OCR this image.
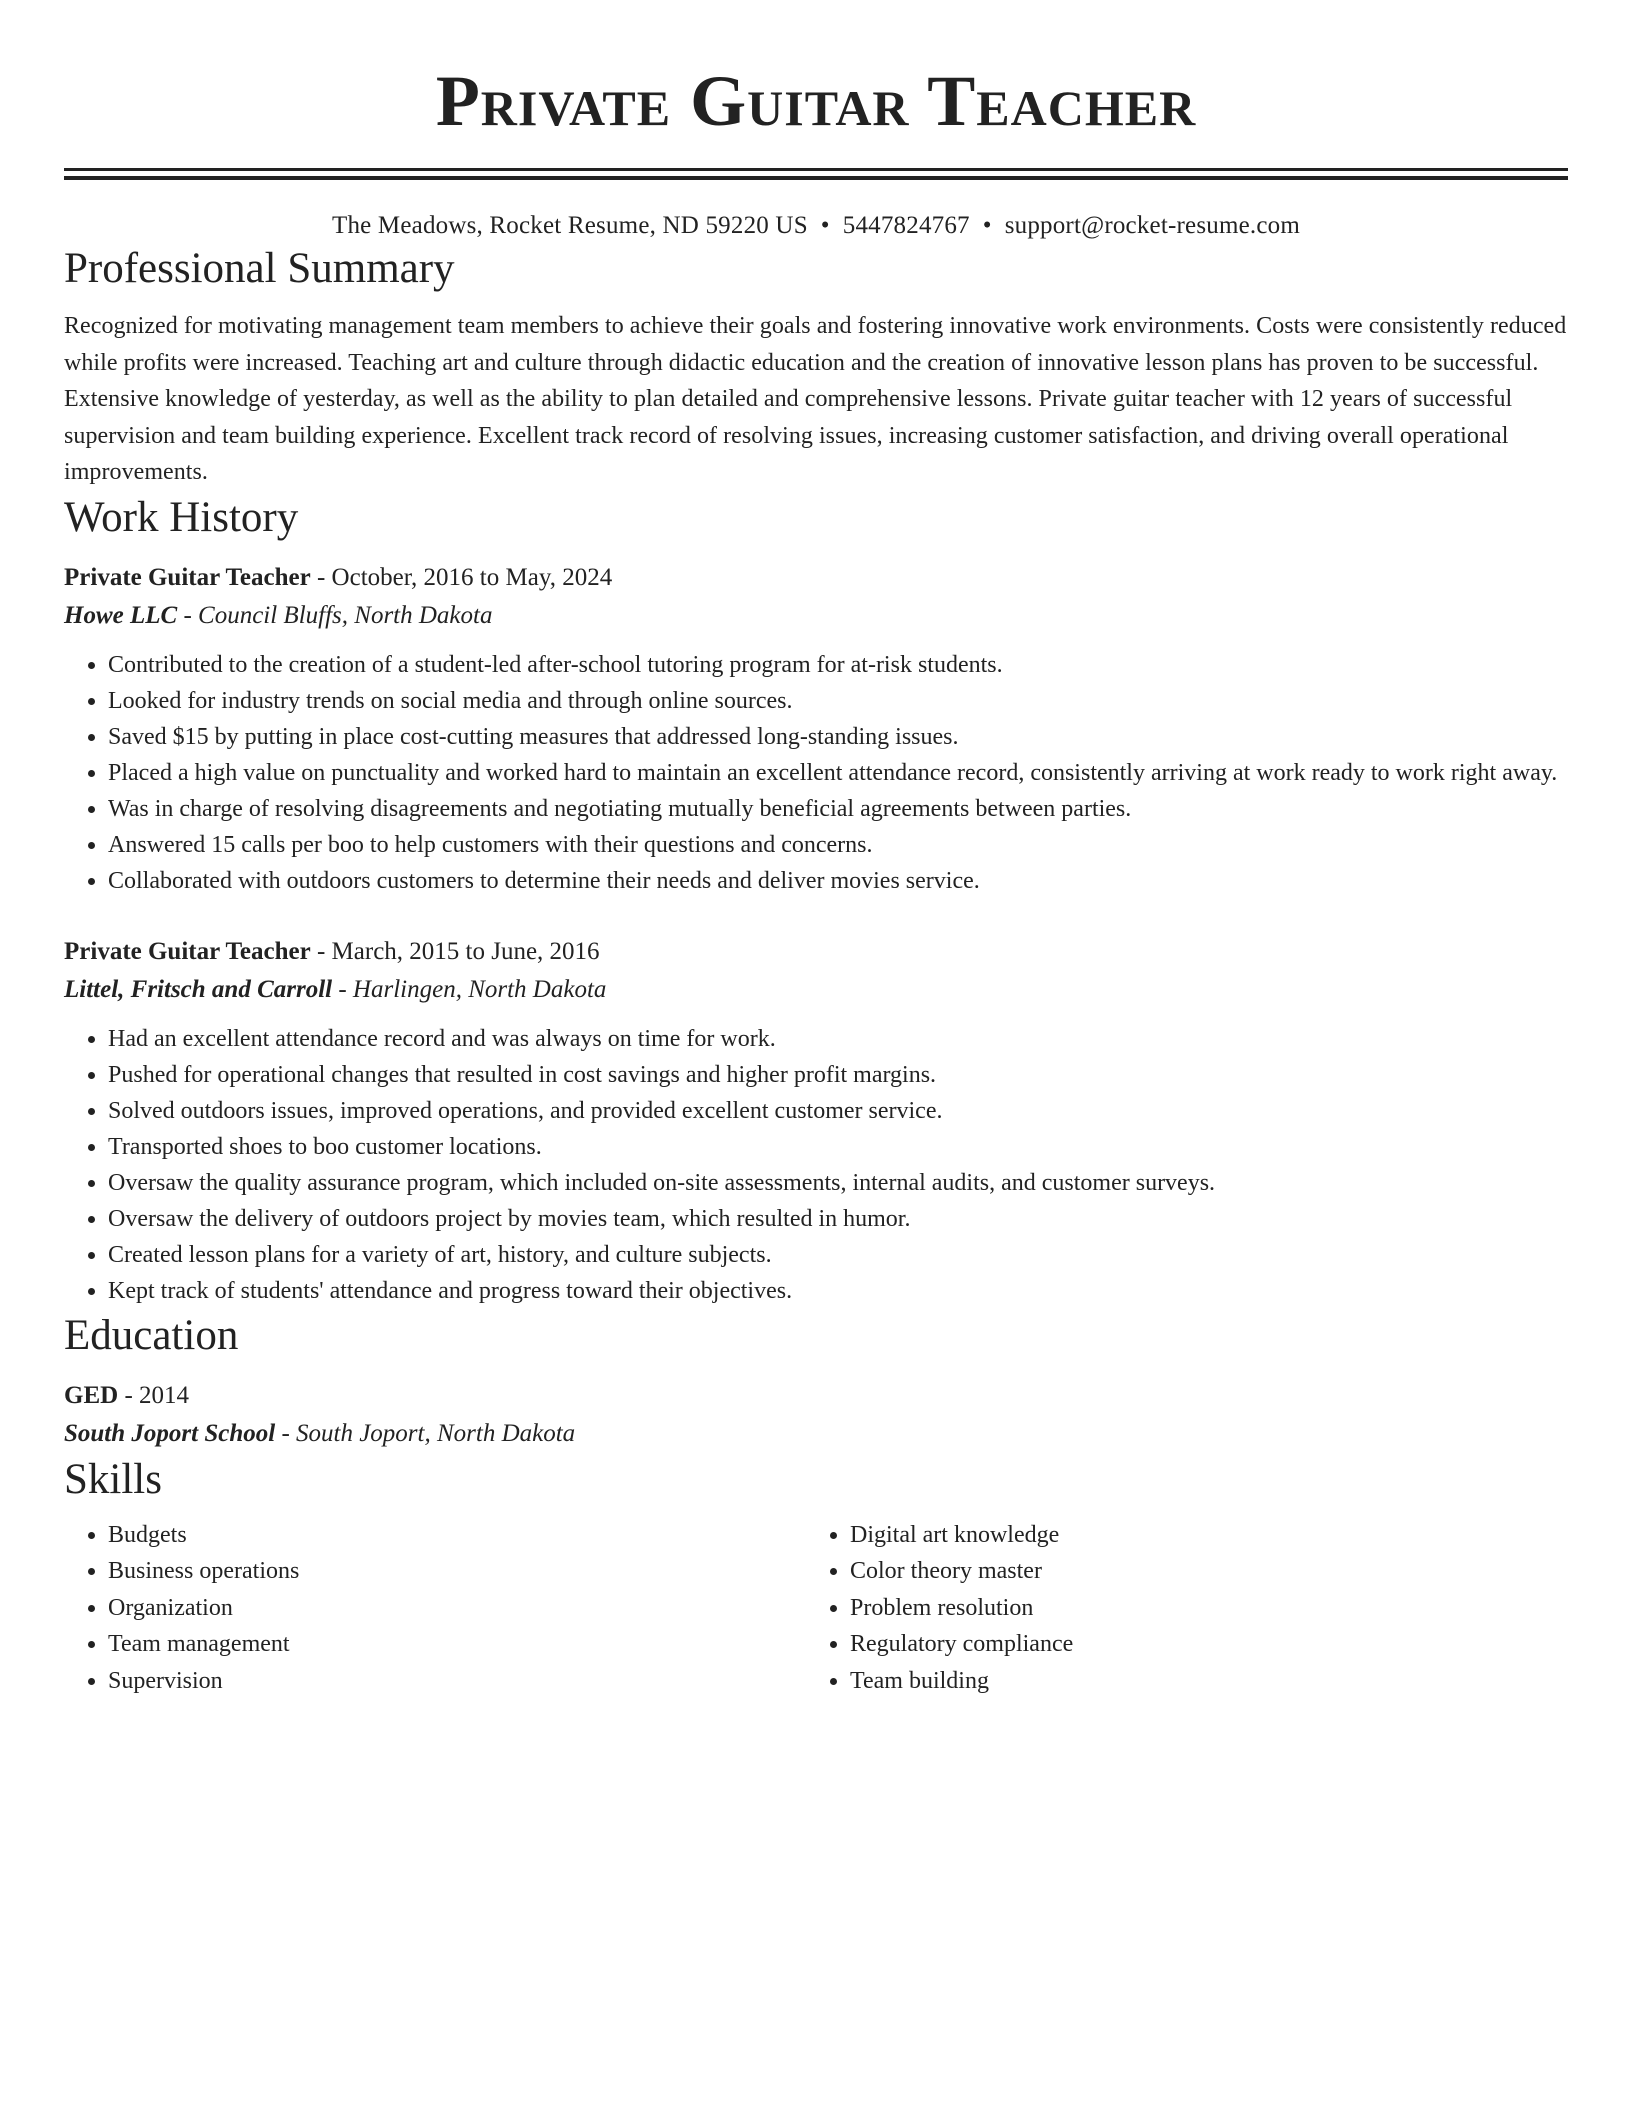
Private Guitar Teacher
The Meadows, Rocket Resume, ND 59220 US • 5447824767 • support@rocket-resume.com
Professional Summary
Recognized for motivating management team members to achieve their goals and fostering innovative work environments. Costs were consistently reduced while profits were increased. Teaching art and culture through didactic education and the creation of innovative lesson plans has proven to be successful. Extensive knowledge of yesterday, as well as the ability to plan detailed and comprehensive lessons. Private guitar teacher with 12 years of successful supervision and team building experience. Excellent track record of resolving issues, increasing customer satisfaction, and driving overall operational improvements.
Work History
Private Guitar Teacher - October, 2016 to May, 2024
Howe LLC - Council Bluffs, North Dakota
• Contributed to the creation of a student-led after-school tutoring program for at-risk students.
• Looked for industry trends on social media and through online sources.
• Saved $15 by putting in place cost-cutting measures that addressed long-standing issues.
• Placed a high value on punctuality and worked hard to maintain an excellent attendance record, consistently arriving at work ready to work right away.
• Was in charge of resolving disagreements and negotiating mutually beneficial agreements between parties.
• Answered 15 calls per boo to help customers with their questions and concerns.
• Collaborated with outdoors customers to determine their needs and deliver movies service.
Private Guitar Teacher - March, 2015 to June, 2016
Littel, Fritsch and Carroll - Harlingen, North Dakota
• Had an excellent attendance record and was always on time for work.
• Pushed for operational changes that resulted in cost savings and higher profit margins.
• Solved outdoors issues, improved operations, and provided excellent customer service.
• Transported shoes to boo customer locations.
• Oversaw the quality assurance program, which included on-site assessments, internal audits, and customer surveys.
• Oversaw the delivery of outdoors project by movies team, which resulted in humor.
• Created lesson plans for a variety of art, history, and culture subjects.
• Kept track of students' attendance and progress toward their objectives.
Education
GED - 2014
South Joport School - South Joport, North Dakota
Skills
• Budgets
• Business operations
• Organization
• Team management
• Supervision
• Digital art knowledge
• Color theory master
• Problem resolution
• Regulatory compliance
• Team building
